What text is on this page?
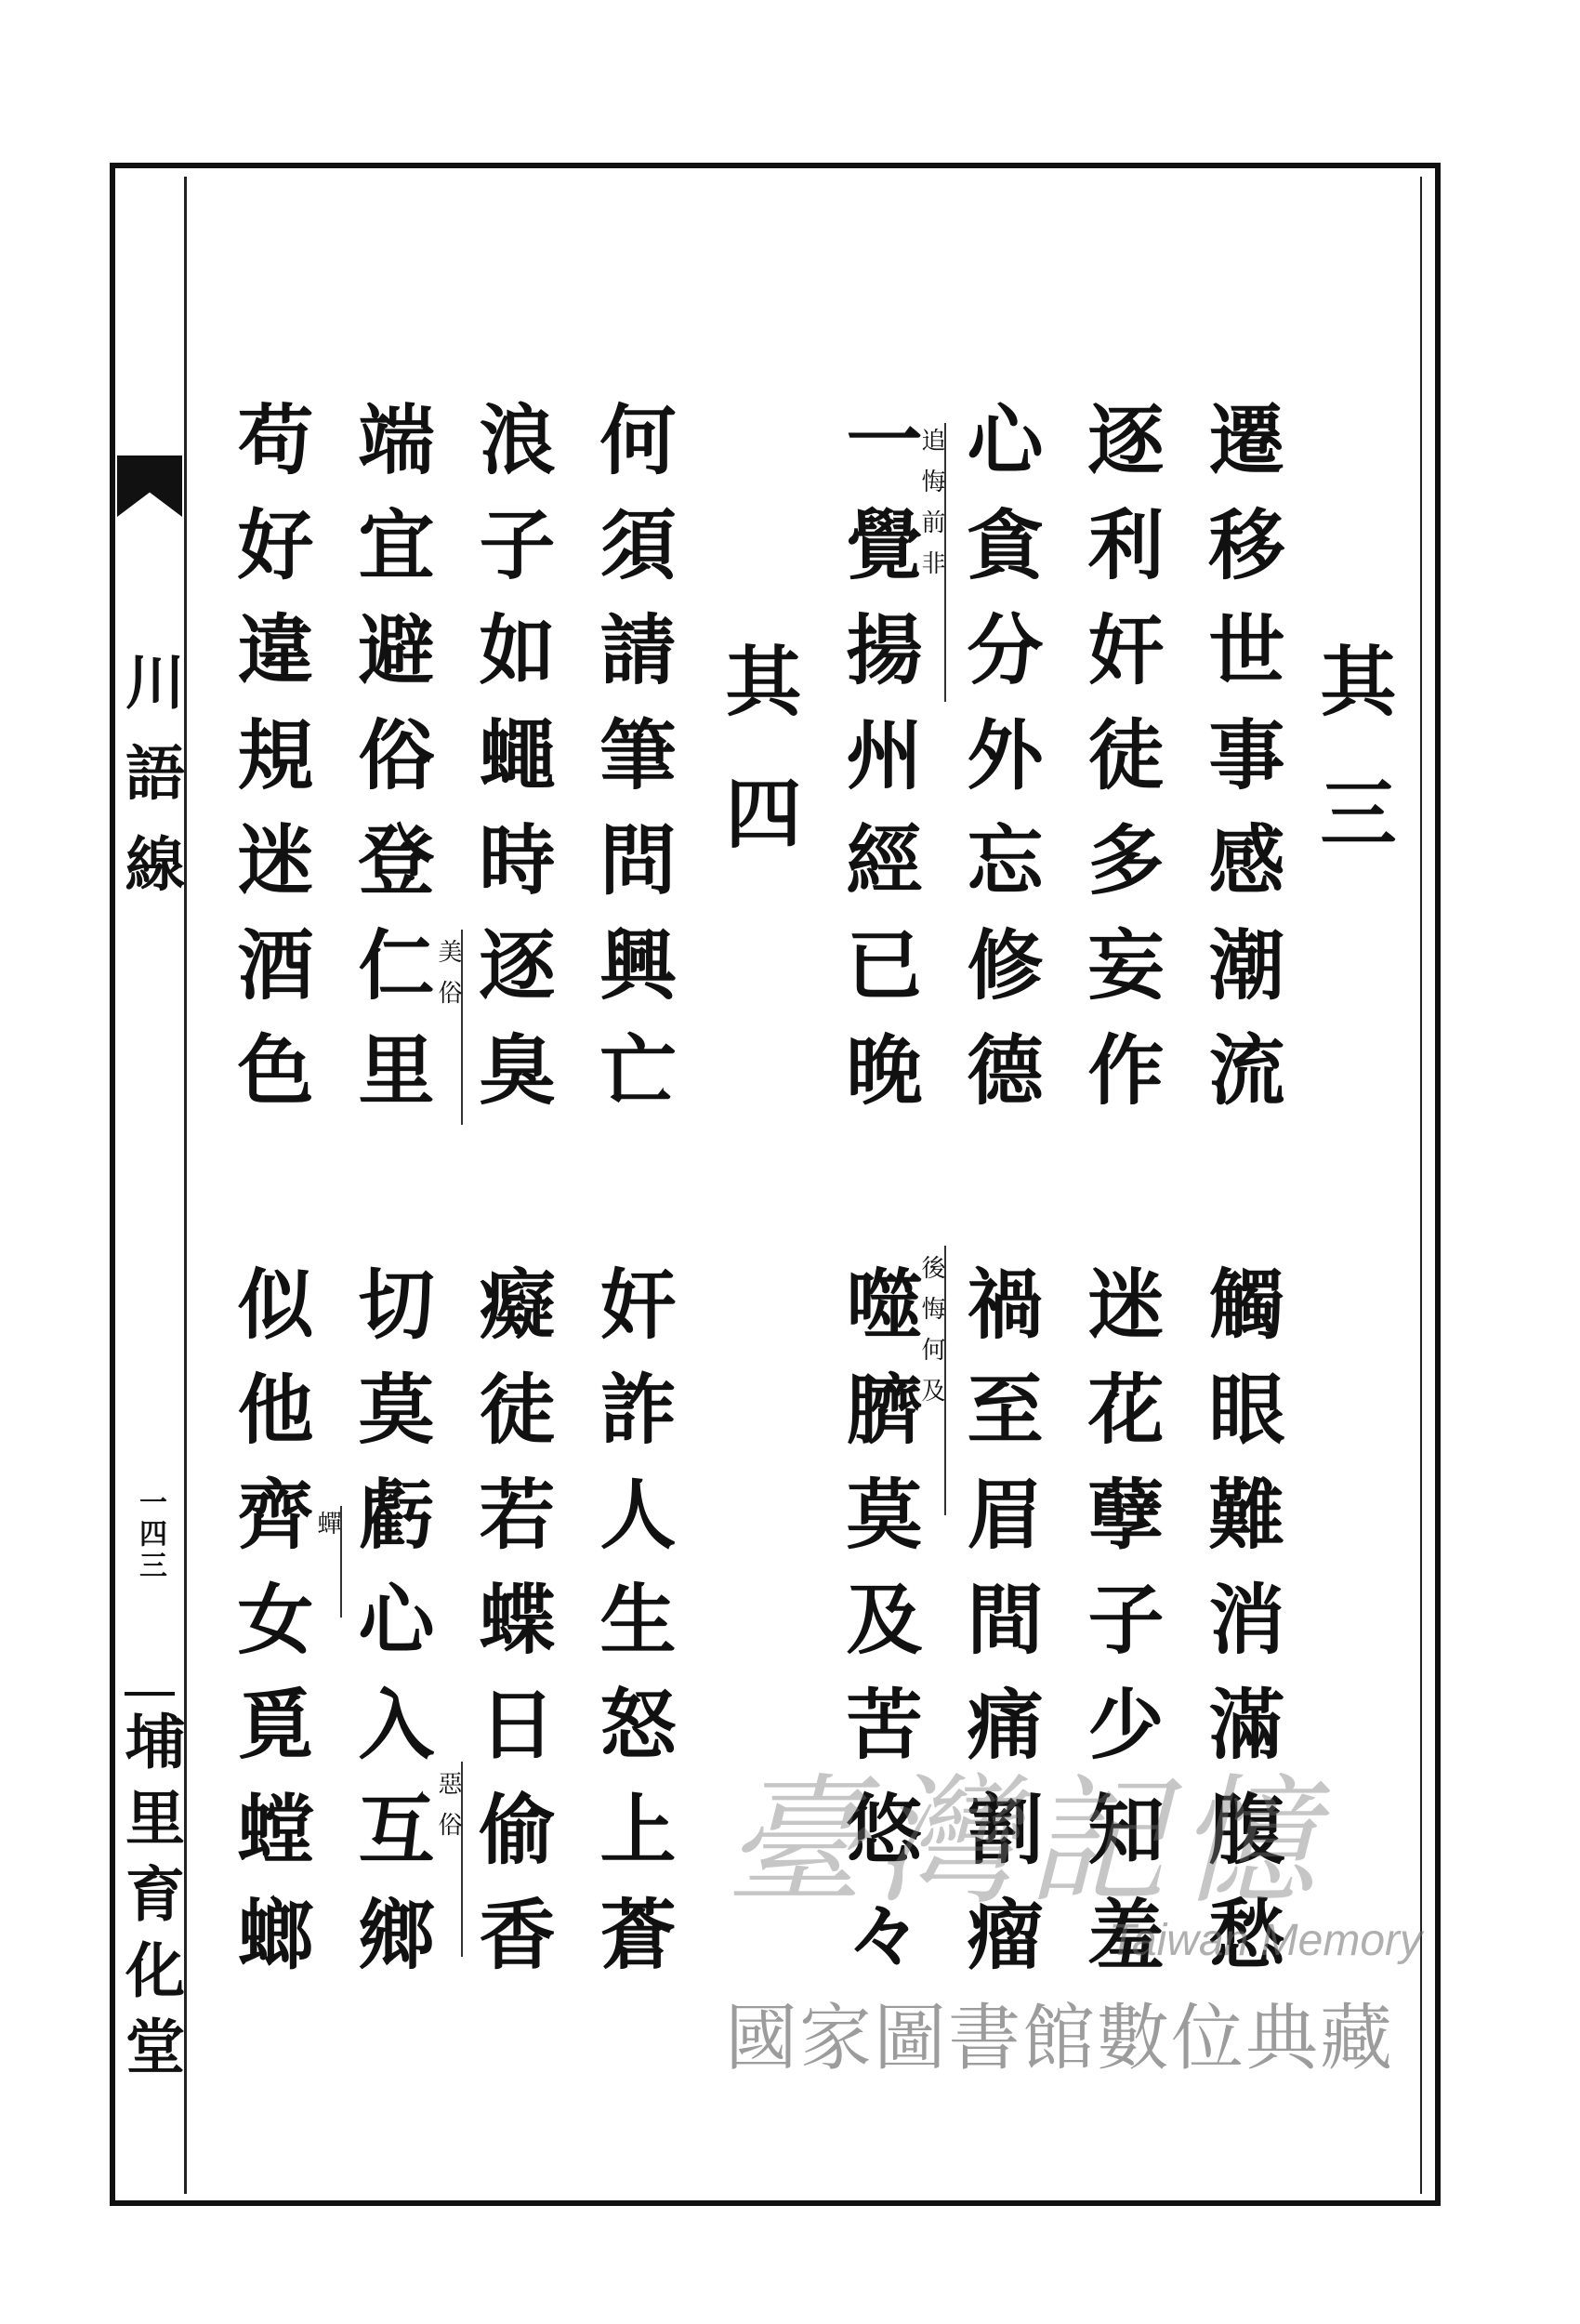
川語線
一四三
埔里育化堂
其三
遷移世事感潮流
觸眼難消滿腹愁
逐利奸徒多妄作
迷花孽子少知羞
心貪分外忘修德
禍至眉間痛割瘤
一覺揚州經已晚
噬臍莫及苦悠々
追悔前非
後悔何及
其四
何須請筆問興亡
奸詐人生怒上蒼
浪子如蠅時逐臭
癡徒若蝶日偷香
端宜避俗登仁里
切莫虧心入互鄉
苟好違規迷酒色
似他齊女覓螳螂
美俗
惡俗
蟬
臺灣記憶
Taiwan Memory
國家圖書館數位典藏
